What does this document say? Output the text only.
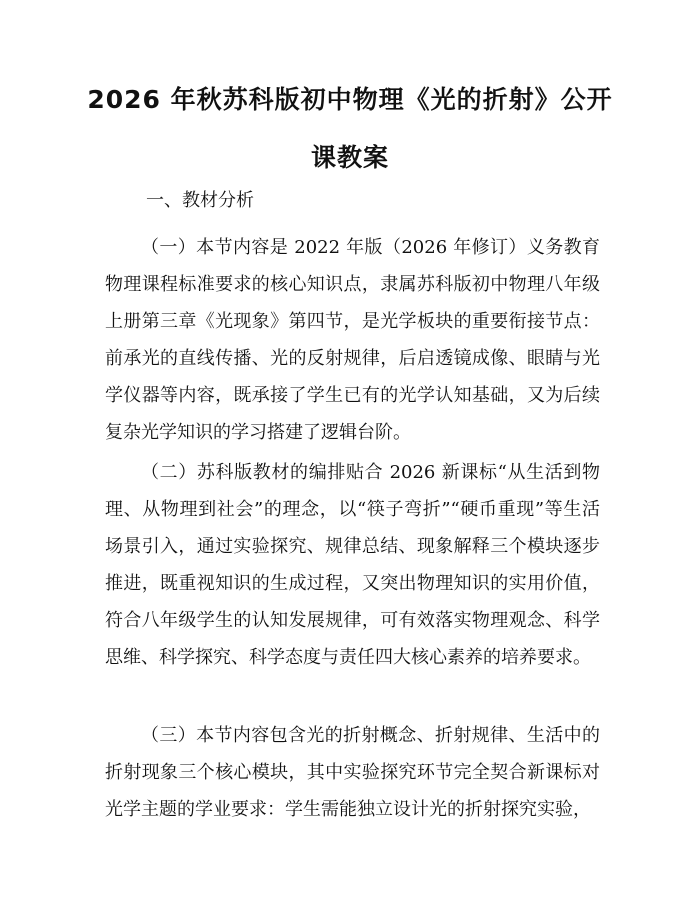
2026 年秋苏科版初中物理《光的折射》公开
课教案

一、教材分析

（一）本节内容是 2022 年版（2026 年修订）义务教育物理课程标准要求的核心知识点，隶属苏科版初中物理八年级上册第三章《光现象》第四节，是光学板块的重要衔接节点：前承光的直线传播、光的反射规律，后启透镜成像、眼睛与光学仪器等内容，既承接了学生已有的光学认知基础，又为后续复杂光学知识的学习搭建了逻辑台阶。

（二）苏科版教材的编排贴合 2026 新课标“从生活到物理、从物理到社会”的理念，以“筷子弯折”“硬币重现”等生活场景引入，通过实验探究、规律总结、现象解释三个模块逐步推进，既重视知识的生成过程，又突出物理知识的实用价值，符合八年级学生的认知发展规律，可有效落实物理观念、科学思维、科学探究、科学态度与责任四大核心素养的培养要求。

（三）本节内容包含光的折射概念、折射规律、生活中的折射现象三个核心模块，其中实验探究环节完全契合新课标对光学主题的学业要求：学生需能独立设计光的折射探究实验，
